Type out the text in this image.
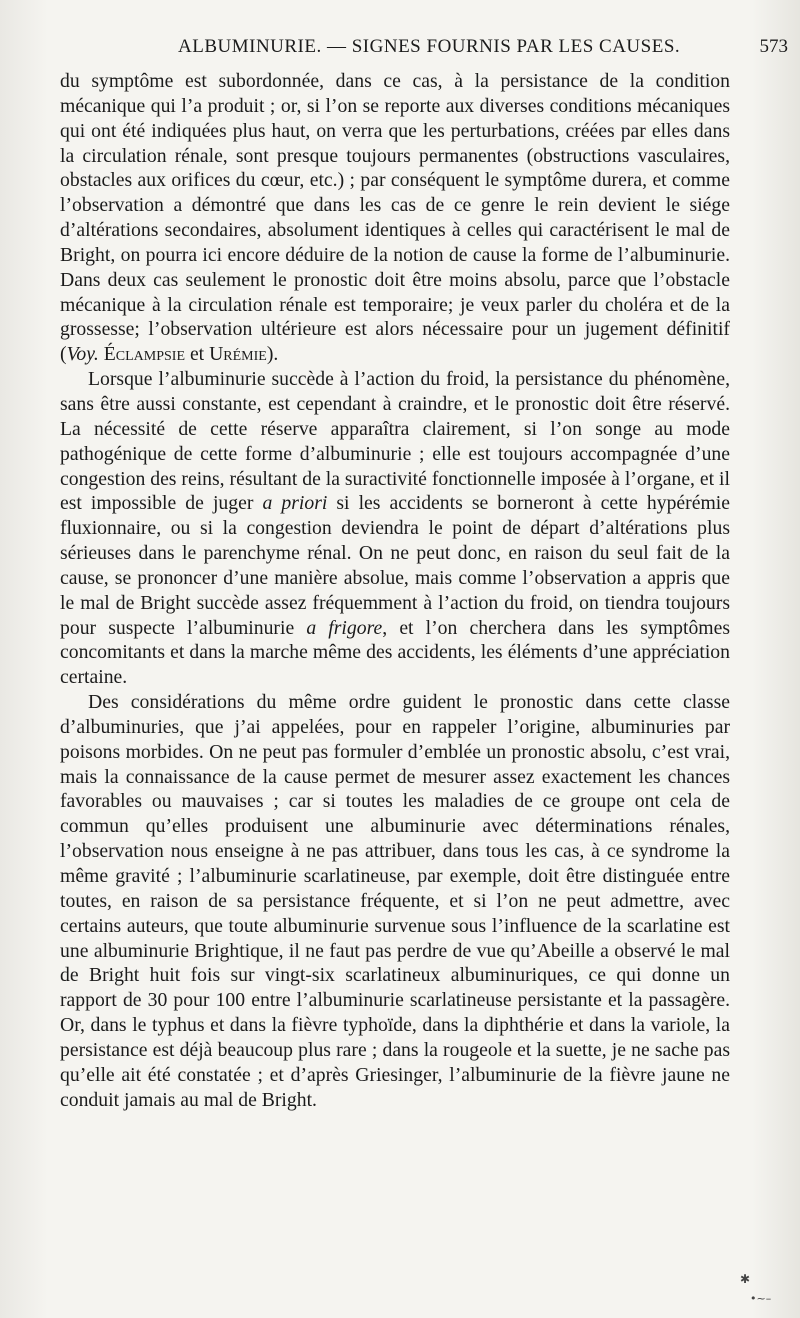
ALBUMINURIE. — SIGNES FOURNIS PAR LES CAUSES.	573

du symptôme est subordonnée, dans ce cas, à la persistance de la condition mécanique qui l’a produit ; or, si l’on se reporte aux diverses conditions mécaniques qui ont été indiquées plus haut, on verra que les perturbations, créées par elles dans la circulation rénale, sont presque toujours permanentes (obstructions vasculaires, obstacles aux orifices du cœur, etc.) ; par conséquent le symptôme durera, et comme l’observation a démontré que dans les cas de ce genre le rein devient le siége d’altérations secondaires, absolument identiques à celles qui caractérisent le mal de Bright, on pourra ici encore déduire de la notion de cause la forme de l’albuminurie. Dans deux cas seulement le pronostic doit être moins absolu, parce que l’obstacle mécanique à la circulation rénale est temporaire; je veux parler du choléra et de la grossesse; l’observation ultérieure est alors nécessaire pour un jugement définitif (Voy. Éclampsie et Urémie).

Lorsque l’albuminurie succède à l’action du froid, la persistance du phénomène, sans être aussi constante, est cependant à craindre, et le pronostic doit être réservé. La nécessité de cette réserve apparaîtra clairement, si l’on songe au mode pathogénique de cette forme d’albuminurie ; elle est toujours accompagnée d’une congestion des reins, résultant de la suractivité fonctionnelle imposée à l’organe, et il est impossible de juger a priori si les accidents se borneront à cette hypérémie fluxionnaire, ou si la congestion deviendra le point de départ d’altérations plus sérieuses dans le parenchyme rénal. On ne peut donc, en raison du seul fait de la cause, se prononcer d’une manière absolue, mais comme l’observation a appris que le mal de Bright succède assez fréquemment à l’action du froid, on tiendra toujours pour suspecte l’albuminurie a frigore, et l’on cherchera dans les symptômes concomitants et dans la marche même des accidents, les éléments d’une appréciation certaine.

Des considérations du même ordre guident le pronostic dans cette classe d’albuminuries, que j’ai appelées, pour en rappeler l’origine, albuminuries par poisons morbides. On ne peut pas formuler d’emblée un pronostic absolu, c’est vrai, mais la connaissance de la cause permet de mesurer assez exactement les chances favorables ou mauvaises ; car si toutes les maladies de ce groupe ont cela de commun qu’elles produisent une albuminurie avec déterminations rénales, l’observation nous enseigne à ne pas attribuer, dans tous les cas, à ce syndrome la même gravité ; l’albuminurie scarlatineuse, par exemple, doit être distinguée entre toutes, en raison de sa persistance fréquente, et si l’on ne peut admettre, avec certains auteurs, que toute albuminurie survenue sous l’influence de la scarlatine est une albuminurie Brightique, il ne faut pas perdre de vue qu’Abeille a observé le mal de Bright huit fois sur vingt-six scarlatineux albuminuriques, ce qui donne un rapport de 30 pour 100 entre l’albuminurie scarlatineuse persistante et la passagère. Or, dans le typhus et dans la fièvre typhoïde, dans la diphthérie et dans la variole, la persistance est déjà beaucoup plus rare ; dans la rougeole et la suette, je ne sache pas qu’elle ait été constatée ; et d’après Griesinger, l’albuminurie de la fièvre jaune ne conduit jamais au mal de Bright.

✱
•~–
